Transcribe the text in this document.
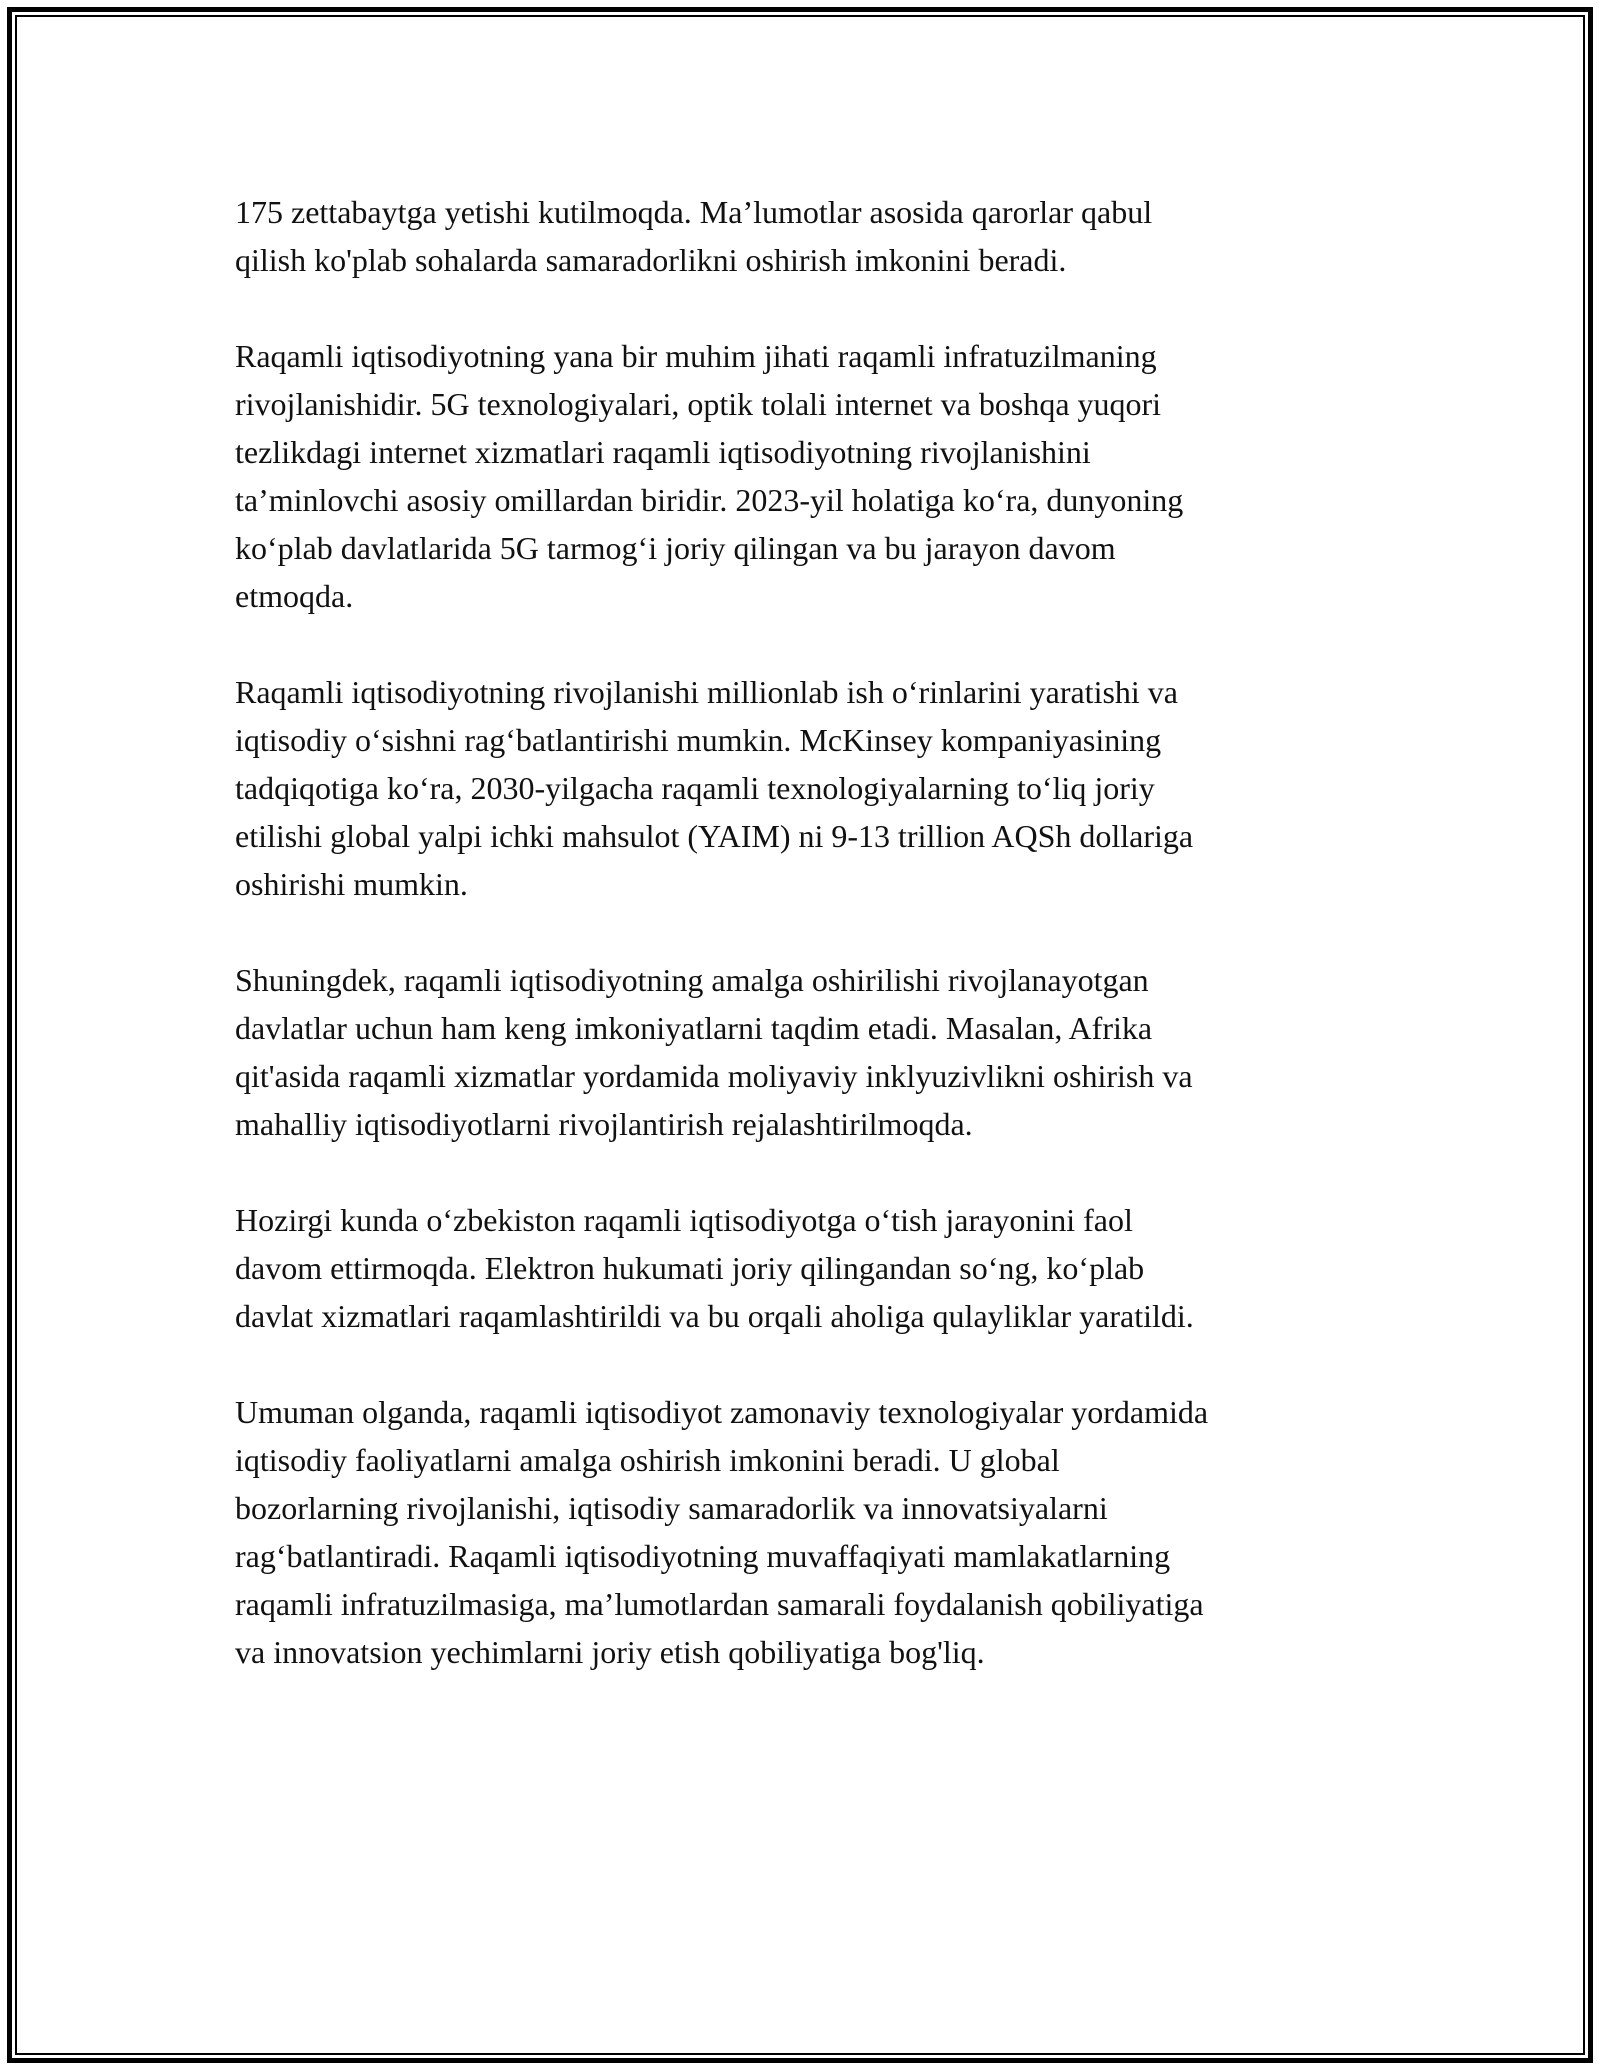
175 zettabaytga yetishi kutilmoqda. Ma’lumotlar asosida qarorlar qabul
qilish ko'plab sohalarda samaradorlikni oshirish imkonini beradi.

Raqamli iqtisodiyotning yana bir muhim jihati raqamli infratuzilmaning
rivojlanishidir. 5G texnologiyalari, optik tolali internet va boshqa yuqori
tezlikdagi internet xizmatlari raqamli iqtisodiyotning rivojlanishini
ta’minlovchi asosiy omillardan biridir. 2023-yil holatiga ko‘ra, dunyoning
ko‘plab davlatlarida 5G tarmog‘i joriy qilingan va bu jarayon davom
etmoqda.

Raqamli iqtisodiyotning rivojlanishi millionlab ish o‘rinlarini yaratishi va
iqtisodiy o‘sishni rag‘batlantirishi mumkin. McKinsey kompaniyasining
tadqiqotiga ko‘ra, 2030-yilgacha raqamli texnologiyalarning to‘liq joriy
etilishi global yalpi ichki mahsulot (YAIM) ni 9-13 trillion AQSh dollariga
oshirishi mumkin.

Shuningdek, raqamli iqtisodiyotning amalga oshirilishi rivojlanayotgan
davlatlar uchun ham keng imkoniyatlarni taqdim etadi. Masalan, Afrika
qit'asida raqamli xizmatlar yordamida moliyaviy inklyuzivlikni oshirish va
mahalliy iqtisodiyotlarni rivojlantirish rejalashtirilmoqda.

Hozirgi kunda o‘zbekiston raqamli iqtisodiyotga o‘tish jarayonini faol
davom ettirmoqda. Elektron hukumati joriy qilingandan so‘ng, ko‘plab
davlat xizmatlari raqamlashtirildi va bu orqali aholiga qulayliklar yaratildi.

Umuman olganda, raqamli iqtisodiyot zamonaviy texnologiyalar yordamida
iqtisodiy faoliyatlarni amalga oshirish imkonini beradi. U global
bozorlarning rivojlanishi, iqtisodiy samaradorlik va innovatsiyalarni
rag‘batlantiradi. Raqamli iqtisodiyotning muvaffaqiyati mamlakatlarning
raqamli infratuzilmasiga, ma’lumotlardan samarali foydalanish qobiliyatiga
va innovatsion yechimlarni joriy etish qobiliyatiga bog'liq.
